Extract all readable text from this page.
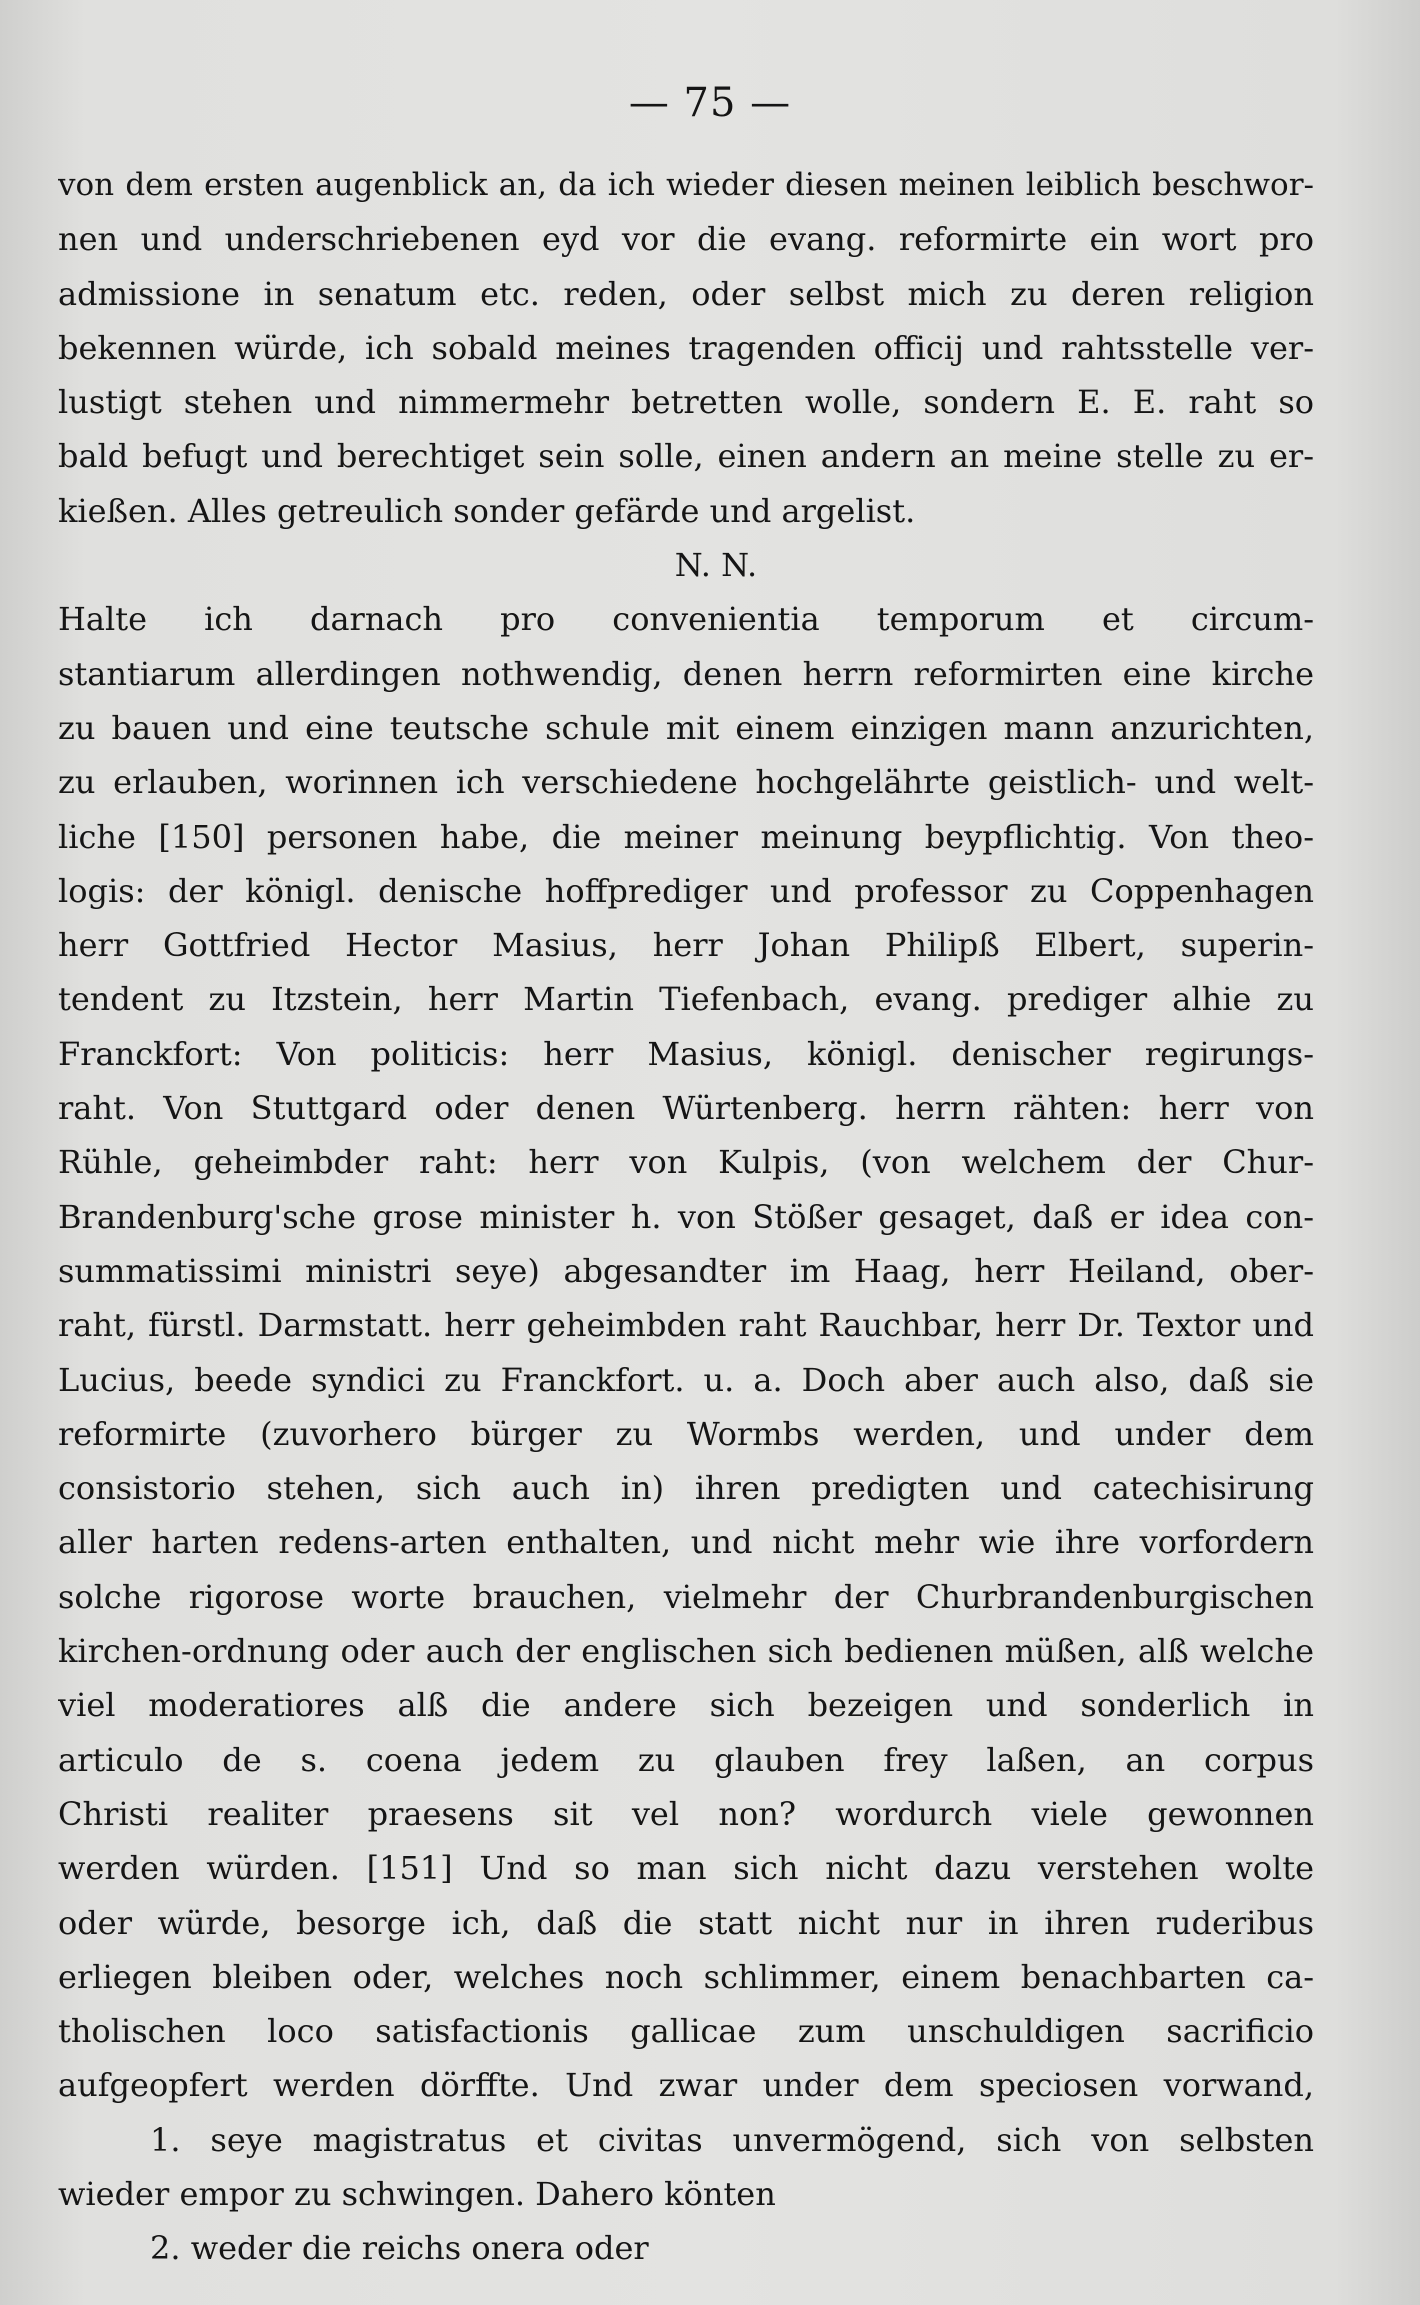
— 75 —
von dem ersten augenblick an, da ich wieder diesen meinen leiblich beschwor-
nen und underschriebenen eyd vor die evang. reformirte ein wort pro
admissione in senatum etc. reden, oder selbst mich zu deren religion
bekennen würde, ich sobald meines tragenden officij und rahtsstelle ver-
lustigt stehen und nimmermehr betretten wolle, sondern E. E. raht so
bald befugt und berechtiget sein solle, einen andern an meine stelle zu er-
kießen. Alles getreulich sonder gefärde und argelist.
N. N.
Halte ich darnach pro convenientia temporum et circum-
stantiarum allerdingen nothwendig, denen herrn reformirten eine kirche
zu bauen und eine teutsche schule mit einem einzigen mann anzurichten,
zu erlauben, worinnen ich verschiedene hochgelährte geistlich- und welt-
liche [150] personen habe, die meiner meinung beypflichtig. Von theo-
logis: der königl. denische hoffprediger und professor zu Coppenhagen
herr Gottfried Hector Masius, herr Johan Philipß Elbert, superin-
tendent zu Itzstein, herr Martin Tiefenbach, evang. prediger alhie zu
Franckfort: Von politicis: herr Masius, königl. denischer regirungs-
raht. Von Stuttgard oder denen Würtenberg. herrn rähten: herr von
Rühle, geheimbder raht: herr von Kulpis, (von welchem der Chur-
Brandenburg'sche grose minister h. von Stößer gesaget, daß er idea con-
summatissimi ministri seye) abgesandter im Haag, herr Heiland, ober-
raht, fürstl. Darmstatt. herr geheimbden raht Rauchbar, herr Dr. Textor und
Lucius, beede syndici zu Franckfort. u. a. Doch aber auch also, daß sie
reformirte (zuvorhero bürger zu Wormbs werden, und under dem
consistorio stehen, sich auch in) ihren predigten und catechisirung
aller harten redens-arten enthalten, und nicht mehr wie ihre vorfordern
solche rigorose worte brauchen, vielmehr der Churbrandenburgischen
kirchen-ordnung oder auch der englischen sich bedienen müßen, alß welche
viel moderatiores alß die andere sich bezeigen und sonderlich in
articulo de s. coena jedem zu glauben frey laßen, an corpus
Christi realiter praesens sit vel non? wordurch viele gewonnen
werden würden. [151] Und so man sich nicht dazu verstehen wolte
oder würde, besorge ich, daß die statt nicht nur in ihren ruderibus
erliegen bleiben oder, welches noch schlimmer, einem benachbarten ca-
tholischen loco satisfactionis gallicae zum unschuldigen sacrificio
aufgeopfert werden dörffte. Und zwar under dem speciosen vorwand,
1. seye magistratus et civitas unvermögend, sich von selbsten
wieder empor zu schwingen. Dahero könten
2. weder die reichs onera oder
